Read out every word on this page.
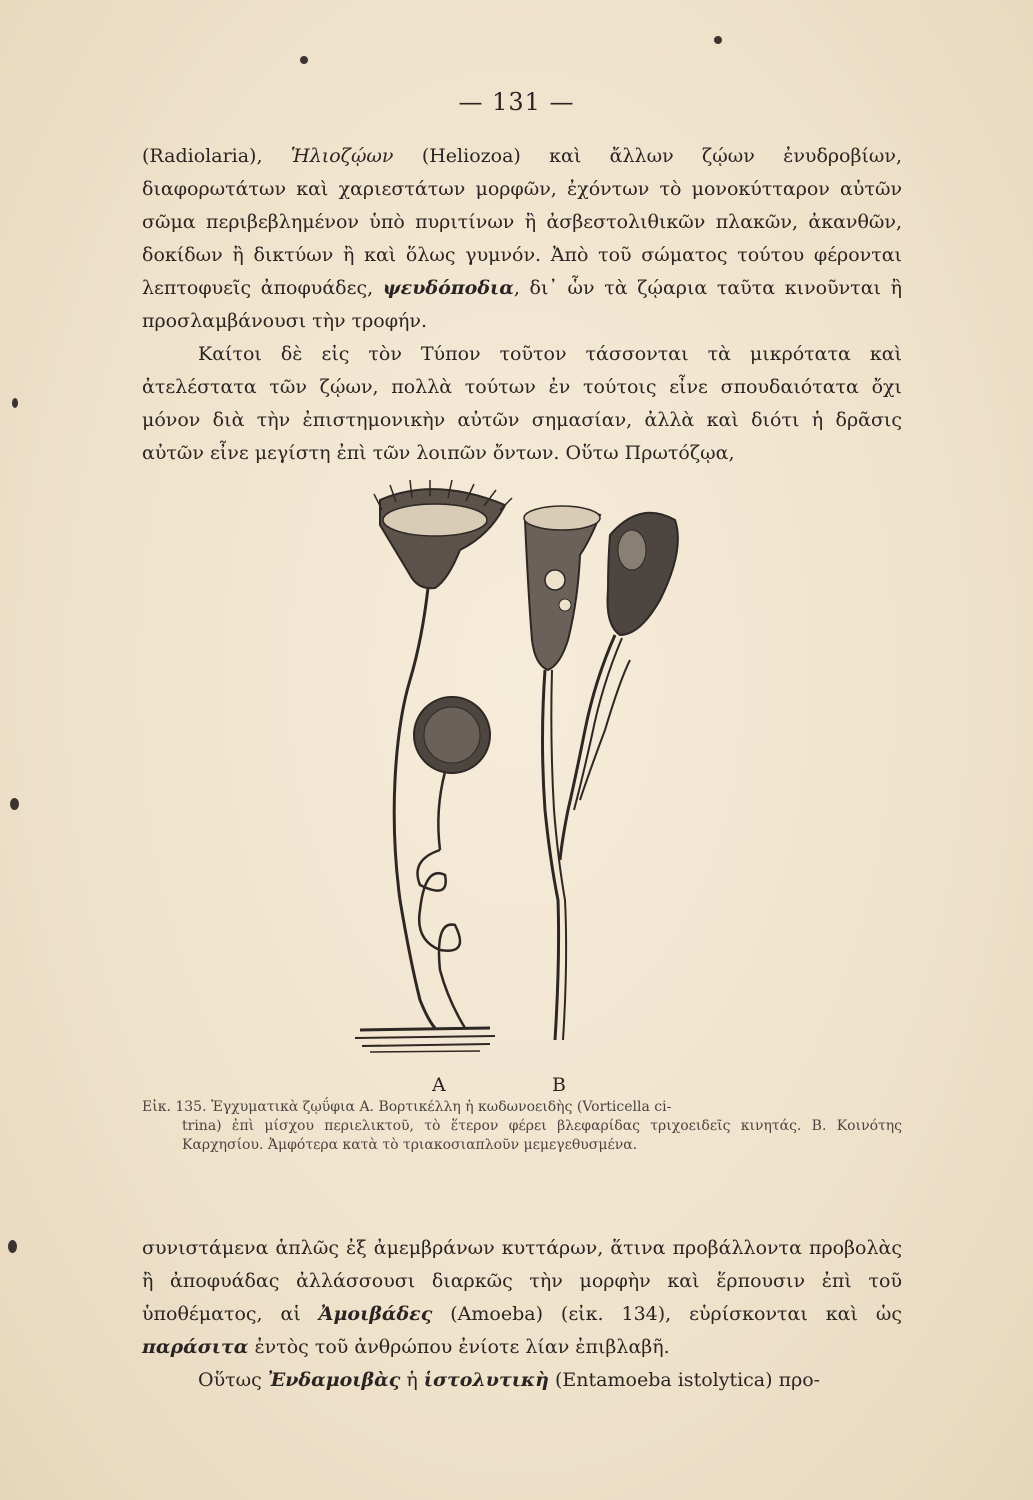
— 131 —

(Radiolaria), Ἡλιοζῴων (Heliozoa) καὶ ἄλλων ζῴων ἐνυδροβίων, διαφορωτάτων καὶ χαριεστάτων μορφῶν, ἐχόντων τὸ μονοκύτταρον αὐτῶν σῶμα περιβεβλημένον ὑπὸ πυριτίνων ἢ ἀσβεστολιθικῶν πλακῶν, ἀκανθῶν, δοκίδων ἢ δικτύων ἢ καὶ ὅλως γυμνόν. Ἀπὸ τοῦ σώματος τούτου φέρονται λεπτοφυεῖς ἀποφυάδες, ψευδόποδια, δι᾽ ὧν τὰ ζῴαρια ταῦτα κινοῦνται ἢ προσλαμβάνουσι τὴν τροφήν.

Καίτοι δὲ εἰς τὸν Τύπον τοῦτον τάσσονται τὰ μικρότατα καὶ ἀτελέστατα τῶν ζῴων, πολλὰ τούτων ἐν τούτοις εἶνε σπουδαιότατα ὄχι μόνον διὰ τὴν ἐπιστημονικὴν αὐτῶν σημασίαν, ἀλλὰ καὶ διότι ἡ δρᾶσις αὐτῶν εἶνε μεγίστη ἐπὶ τῶν λοιπῶν ὄντων. Οὕτω Πρωτόζῳα,

A	B
Εἰκ. 135. Ἐγχυματικὰ ζῳΰφια Α. Βορτικέλλη ἡ κωδωνοειδὴς (Vorticella ci-
trina) ἐπὶ μίσχου περιελικτοῦ, τὸ ἕτερον φέρει βλεφαρίδας τριχοειδεῖς κινητάς. Β. Κοινότης Καρχησίου. Ἀμφότερα κατὰ τὸ τριακοσιαπλοῦν μεμεγεθυσμένα.

συνιστάμενα ἁπλῶς ἐξ ἀμεμβράνων κυττάρων, ἅτινα προβάλλοντα προβολὰς ἢ ἀποφυάδας ἀλλάσσουσι διαρκῶς τὴν μορφὴν καὶ ἕρπουσιν ἐπὶ τοῦ ὑποθέματος, αἱ Ἀμοιβάδες (Amoeba) (εἰκ. 134), εὑρίσκονται καὶ ὡς παράσιτα ἐντὸς τοῦ ἀνθρώπου ἐνίοτε λίαν ἐπιβλαβῆ.

Οὕτως Ἐνδαμοιβὰς ἡ ἱστολυτικὴ (Entamoeba istolytica) προ-
